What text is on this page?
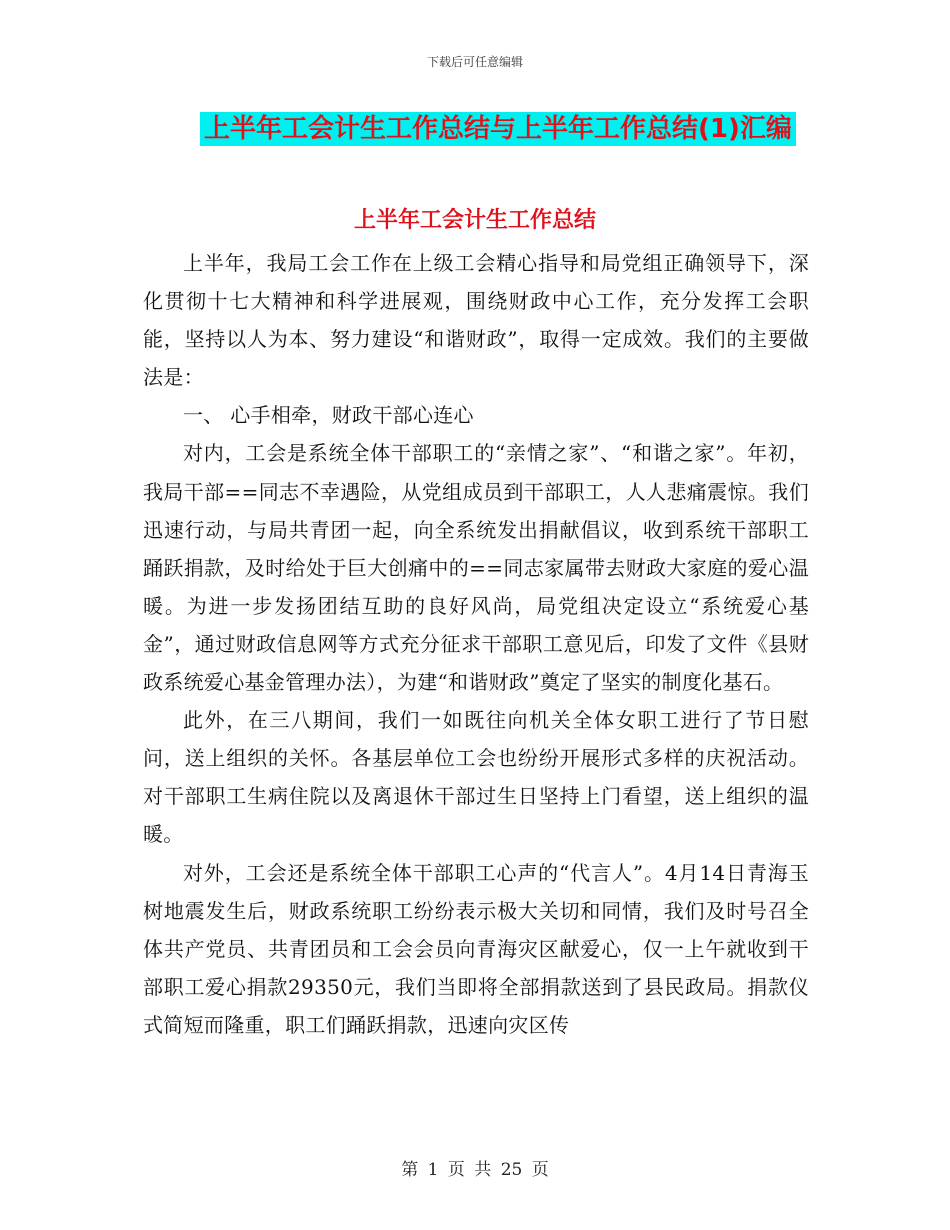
下载后可任意编辑
上半年工会计生工作总结与上半年工作总结(1)汇编
上半年工会计生工作总结

上半年，我局工会工作在上级工会精心指导和局党组正确领导下，深化贯彻十七大精神和科学进展观，围绕财政中心工作，充分发挥工会职能，坚持以人为本、努力建设“和谐财政”，取得一定成效。我们的主要做法是：

一、 心手相牵，财政干部心连心

对内，工会是系统全体干部职工的“亲情之家”、“和谐之家”。年初，我局干部==同志不幸遇险，从党组成员到干部职工，人人悲痛震惊。我们迅速行动，与局共青团一起，向全系统发出捐献倡议，收到系统干部职工踊跃捐款，及时给处于巨大创痛中的==同志家属带去财政大家庭的爱心温暖。为进一步发扬团结互助的良好风尚，局党组决定设立“系统爱心基金”，通过财政信息网等方式充分征求干部职工意见后，印发了文件《县财政系统爱心基金管理办法），为建“和谐财政”奠定了坚实的制度化基石。

此外，在三八期间，我们一如既往向机关全体女职工进行了节日慰问，送上组织的关怀。各基层单位工会也纷纷开展形式多样的庆祝活动。对干部职工生病住院以及离退休干部过生日坚持上门看望，送上组织的温暖。

对外，工会还是系统全体干部职工心声的“代言人”。4月14日青海玉树地震发生后，财政系统职工纷纷表示极大关切和同情，我们及时号召全体共产党员、共青团员和工会会员向青海灾区献爱心，仅一上午就收到干部职工爱心捐款29350元，我们当即将全部捐款送到了县民政局。捐款仪式简短而隆重，职工们踊跃捐款，迅速向灾区传

第 1 页 共 25 页
